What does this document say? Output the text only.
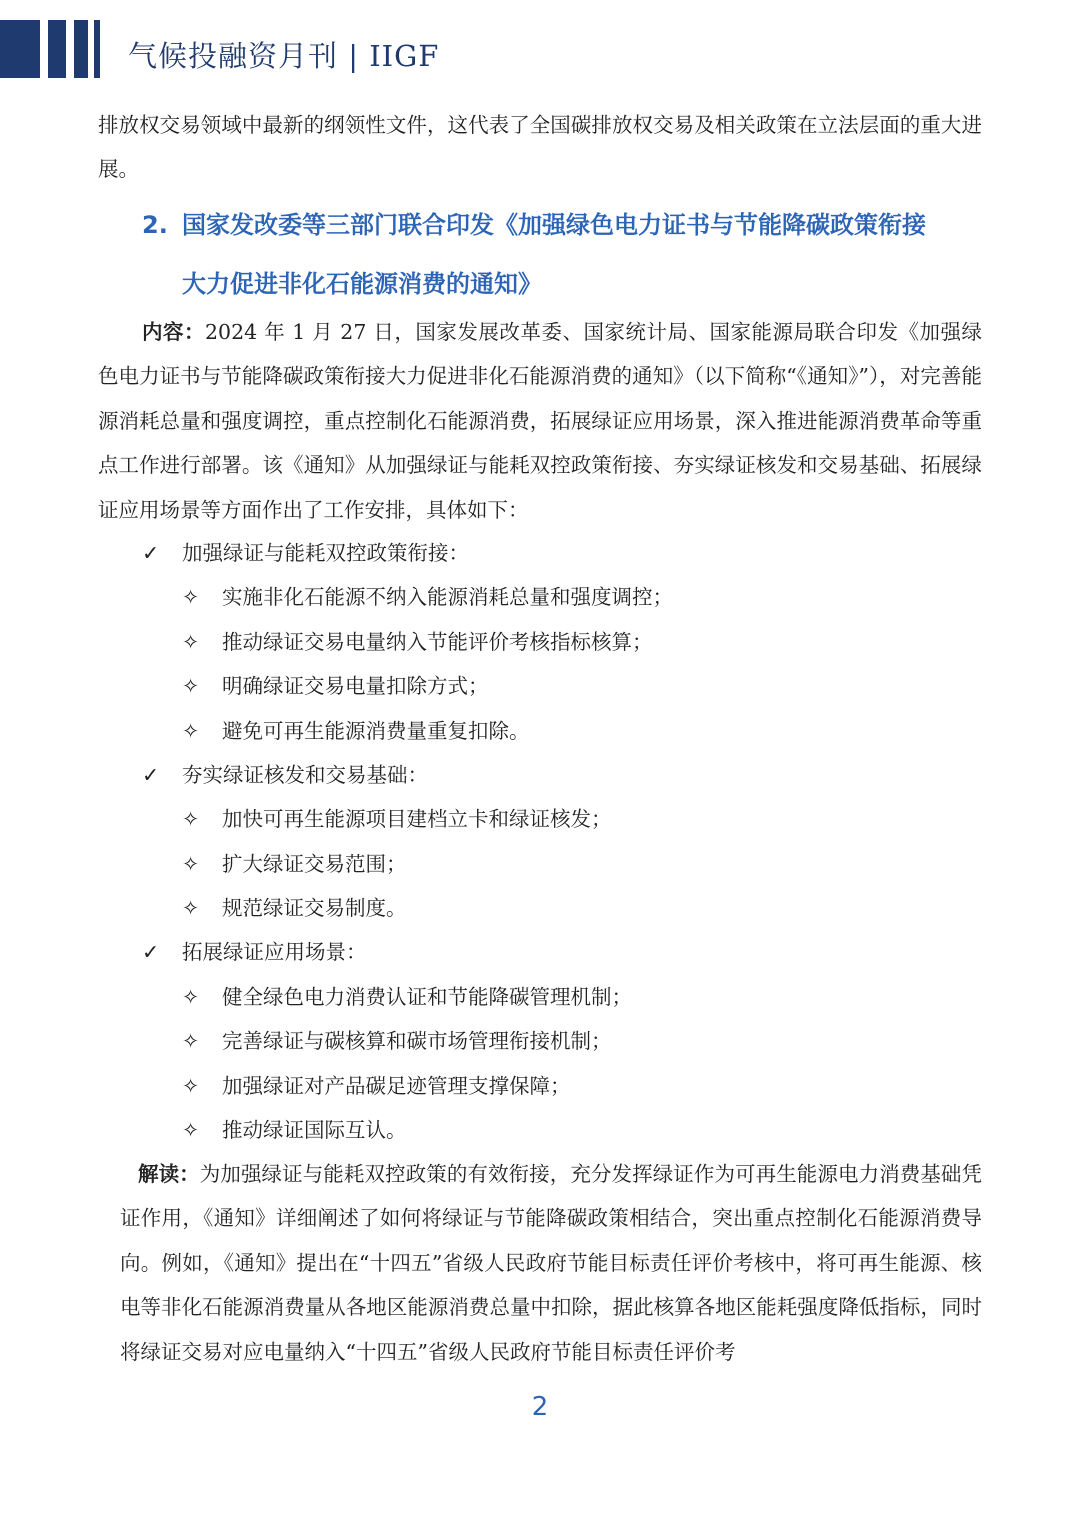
气候投融资月刊 | IIGF

排放权交易领域中最新的纲领性文件，这代表了全国碳排放权交易及相关政策在立法层面的重大进展。

2. 国家发改委等三部门联合印发《加强绿色电力证书与节能降碳政策衔接
大力促进非化石能源消费的通知》

内容：2024 年 1 月 27 日，国家发展改革委、国家统计局、国家能源局联合印发《加强绿色电力证书与节能降碳政策衔接大力促进非化石能源消费的通知》（以下简称“《通知》”），对完善能源消耗总量和强度调控，重点控制化石能源消费，拓展绿证应用场景，深入推进能源消费革命等重点工作进行部署。该《通知》从加强绿证与能耗双控政策衔接、夯实绿证核发和交易基础、拓展绿证应用场景等方面作出了工作安排，具体如下：

✓ 加强绿证与能耗双控政策衔接：
✧ 实施非化石能源不纳入能源消耗总量和强度调控；
✧ 推动绿证交易电量纳入节能评价考核指标核算；
✧ 明确绿证交易电量扣除方式；
✧ 避免可再生能源消费量重复扣除。
✓ 夯实绿证核发和交易基础：
✧ 加快可再生能源项目建档立卡和绿证核发；
✧ 扩大绿证交易范围；
✧ 规范绿证交易制度。
✓ 拓展绿证应用场景：
✧ 健全绿色电力消费认证和节能降碳管理机制；
✧ 完善绿证与碳核算和碳市场管理衔接机制；
✧ 加强绿证对产品碳足迹管理支撑保障；
✧ 推动绿证国际互认。

解读：为加强绿证与能耗双控政策的有效衔接，充分发挥绿证作为可再生能源电力消费基础凭证作用，《通知》详细阐述了如何将绿证与节能降碳政策相结合，突出重点控制化石能源消费导向。例如，《通知》提出在“十四五”省级人民政府节能目标责任评价考核中，将可再生能源、核电等非化石能源消费量从各地区能源消费总量中扣除，据此核算各地区能耗强度降低指标，同时将绿证交易对应电量纳入“十四五”省级人民政府节能目标责任评价考

2
